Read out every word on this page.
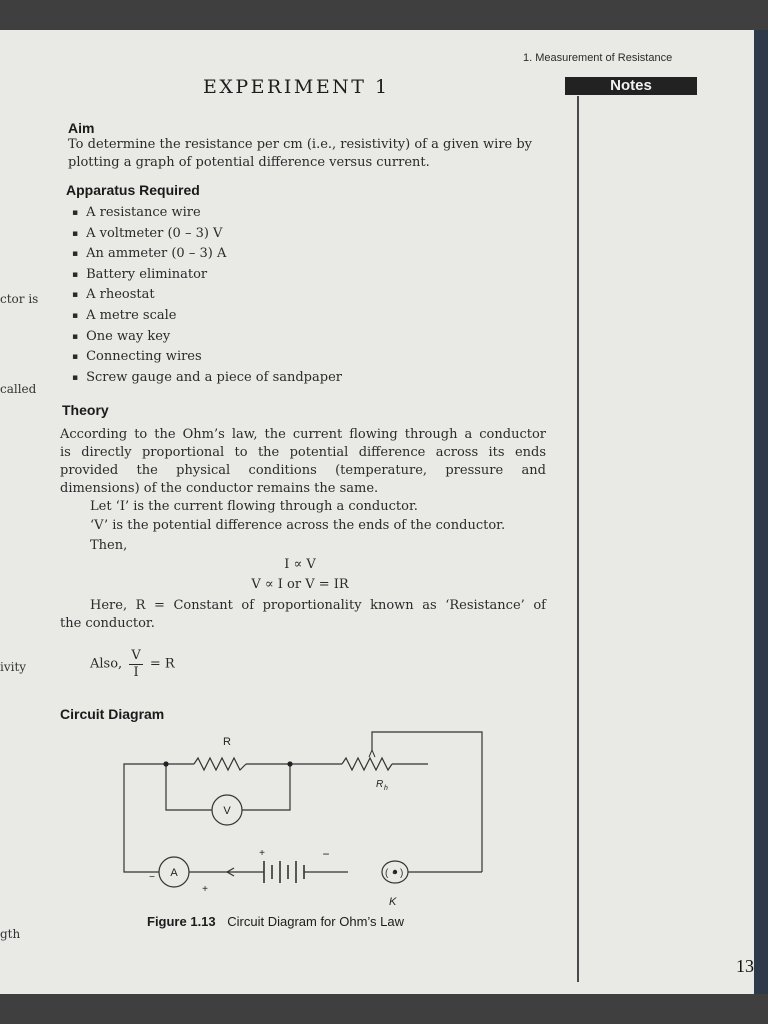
1. Measurement of Resistance
EXPERIMENT 1	Notes
ctor is
called
ivity
gth
Aim
To determine the resistance per cm (i.e., resistivity) of a given wire by
plotting a graph of potential difference versus current.
Apparatus Required
▪ A resistance wire
▪ A voltmeter (0 – 3) V
▪ An ammeter (0 – 3) A
▪ Battery eliminator
▪ A rheostat
▪ A metre scale
▪ One way key
▪ Connecting wires
▪ Screw gauge and a piece of sandpaper
Theory
According to the Ohm’s law, the current flowing through a conductor
is directly proportional to the potential difference across its ends
provided the physical conditions (temperature, pressure and
dimensions) of the conductor remains the same.
Let ‘I’ is the current flowing through a conductor.
‘V’ is the potential difference across the ends of the conductor.
Then,
I ∝ V
V ∝ I or V = IR
Here, R = Constant of proportionality known as ‘Resistance’ of
the conductor.
Also, $\frac{V}{I} = R$
Circuit Diagram
•
( )
R
R h
V
A
K
+	−
−
+
Figure 1.13 Circuit Diagram for Ohm’s Law
13
